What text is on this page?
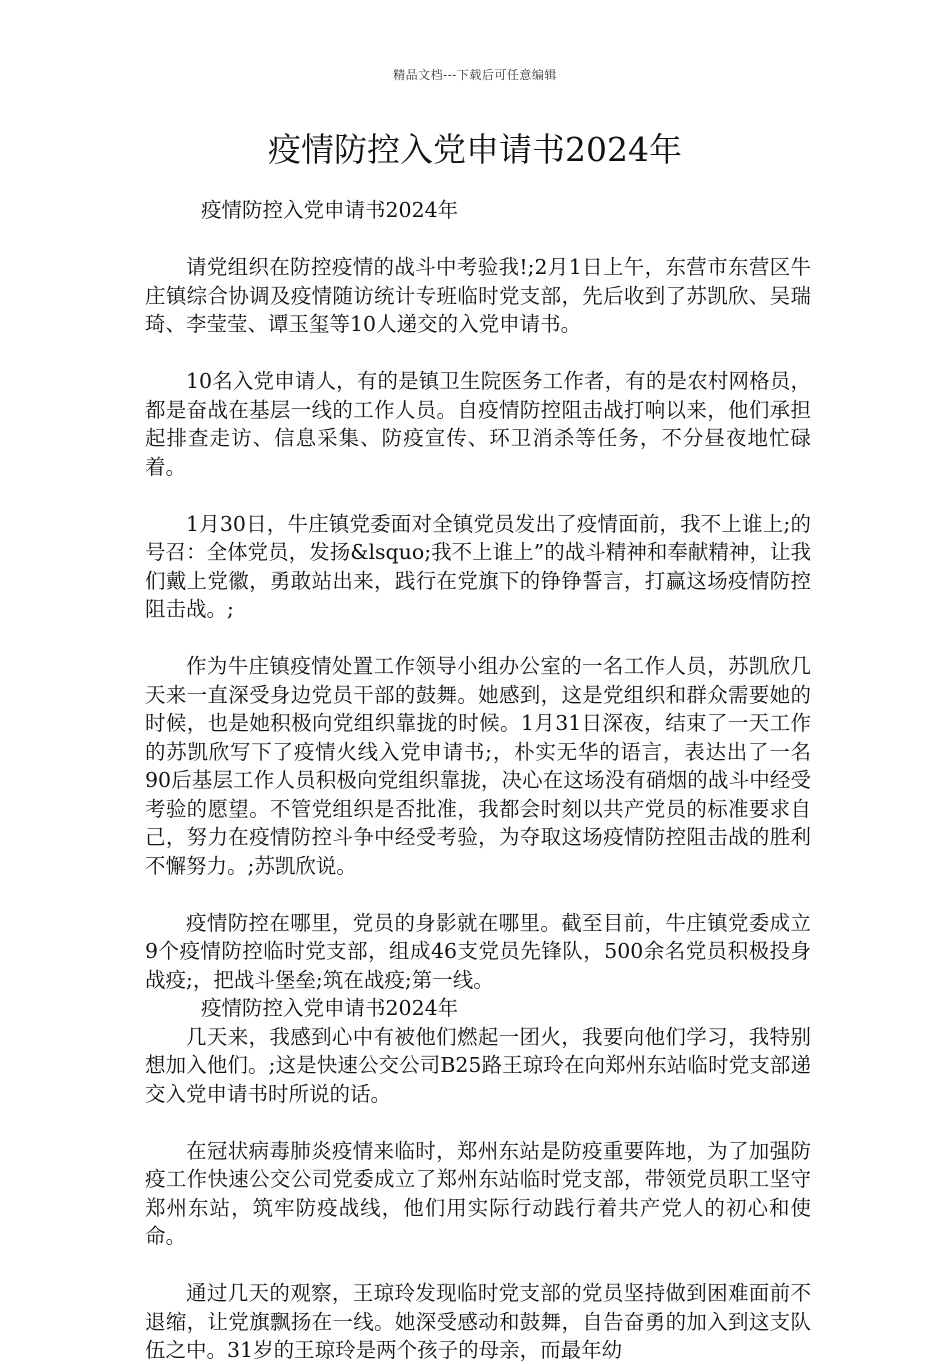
精品文档---下载后可任意编辑
疫情防控入党申请书2024年

疫情防控入党申请书2024年

请党组织在防控疫情的战斗中考验我!;2月1日上午，东营市东营区牛庄镇综合协调及疫情随访统计专班临时党支部，先后收到了苏凯欣、吴瑞琦、李莹莹、谭玉玺等10人递交的入党申请书。

10名入党申请人，有的是镇卫生院医务工作者，有的是农村网格员，都是奋战在基层一线的工作人员。自疫情防控阻击战打响以来，他们承担起排查走访、信息采集、防疫宣传、环卫消杀等任务，不分昼夜地忙碌着。

1月30日，牛庄镇党委面对全镇党员发出了疫情面前，我不上谁上;的号召：全体党员，发扬&lsquo;我不上谁上”的战斗精神和奉献精神，让我们戴上党徽，勇敢站出来，践行在党旗下的铮铮誓言，打赢这场疫情防控阻击战。;

作为牛庄镇疫情处置工作领导小组办公室的一名工作人员，苏凯欣几天来一直深受身边党员干部的鼓舞。她感到，这是党组织和群众需要她的时候，也是她积极向党组织靠拢的时候。1月31日深夜，结束了一天工作的苏凯欣写下了疫情火线入党申请书;，朴实无华的语言，表达出了一名90后基层工作人员积极向党组织靠拢，决心在这场没有硝烟的战斗中经受考验的愿望。不管党组织是否批准，我都会时刻以共产党员的标准要求自己，努力在疫情防控斗争中经受考验，为夺取这场疫情防控阻击战的胜利不懈努力。;苏凯欣说。

疫情防控在哪里，党员的身影就在哪里。截至目前，牛庄镇党委成立9个疫情防控临时党支部，组成46支党员先锋队，500余名党员积极投身战疫;，把战斗堡垒;筑在战疫;第一线。

疫情防控入党申请书2024年

几天来，我感到心中有被他们燃起一团火，我要向他们学习，我特别想加入他们。;这是快速公交公司B25路王琼玲在向郑州东站临时党支部递交入党申请书时所说的话。

在冠状病毒肺炎疫情来临时，郑州东站是防疫重要阵地，为了加强防疫工作快速公交公司党委成立了郑州东站临时党支部，带领党员职工坚守郑州东站，筑牢防疫战线，他们用实际行动践行着共产党人的初心和使命。

通过几天的观察，王琼玲发现临时党支部的党员坚持做到困难面前不退缩，让党旗飘扬在一线。她深受感动和鼓舞，自告奋勇的加入到这支队伍之中。31岁的王琼玲是两个孩子的母亲，而最年幼
